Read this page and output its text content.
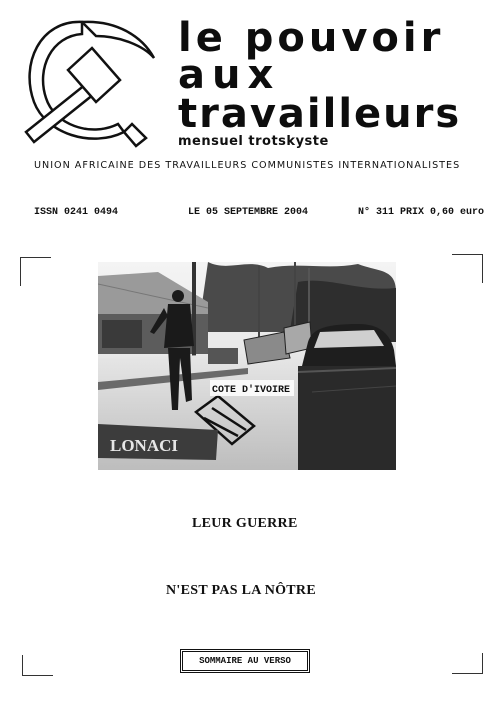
le pouvoir
aux
travailleurs
mensuel trotskyste
UNION AFRICAINE DES TRAVAILLEURS COMMUNISTES INTERNATIONALISTES
ISSN 0241 0494	LE 05 SEPTEMBRE 2004	N° 311 PRIX 0,60 euro
LONACI
COTE D'IVOIRE
LEUR GUERRE
N'EST PAS LA NÔTRE
SOMMAIRE AU VERSO
